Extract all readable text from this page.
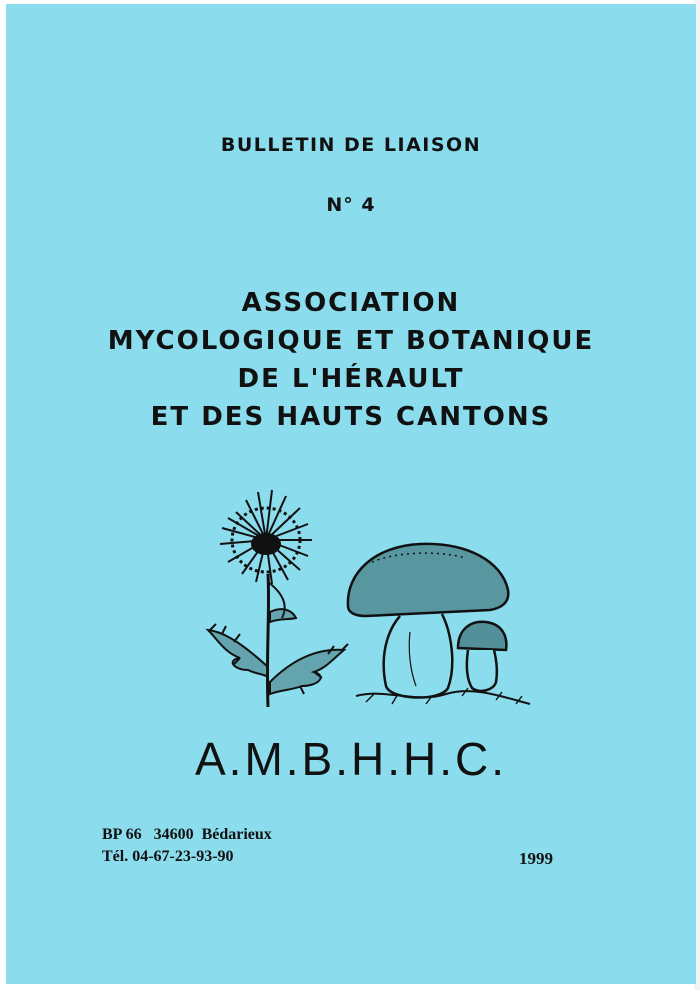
BULLETIN DE LIAISON
N° 4
ASSOCIATION
MYCOLOGIQUE ET BOTANIQUE
DE L'HÉRAULT
ET DES HAUTS CANTONS
A.M.B.H.H.C.
BP 66   34600  Bédarieux
Tél. 04-67-23-93-90	1999
